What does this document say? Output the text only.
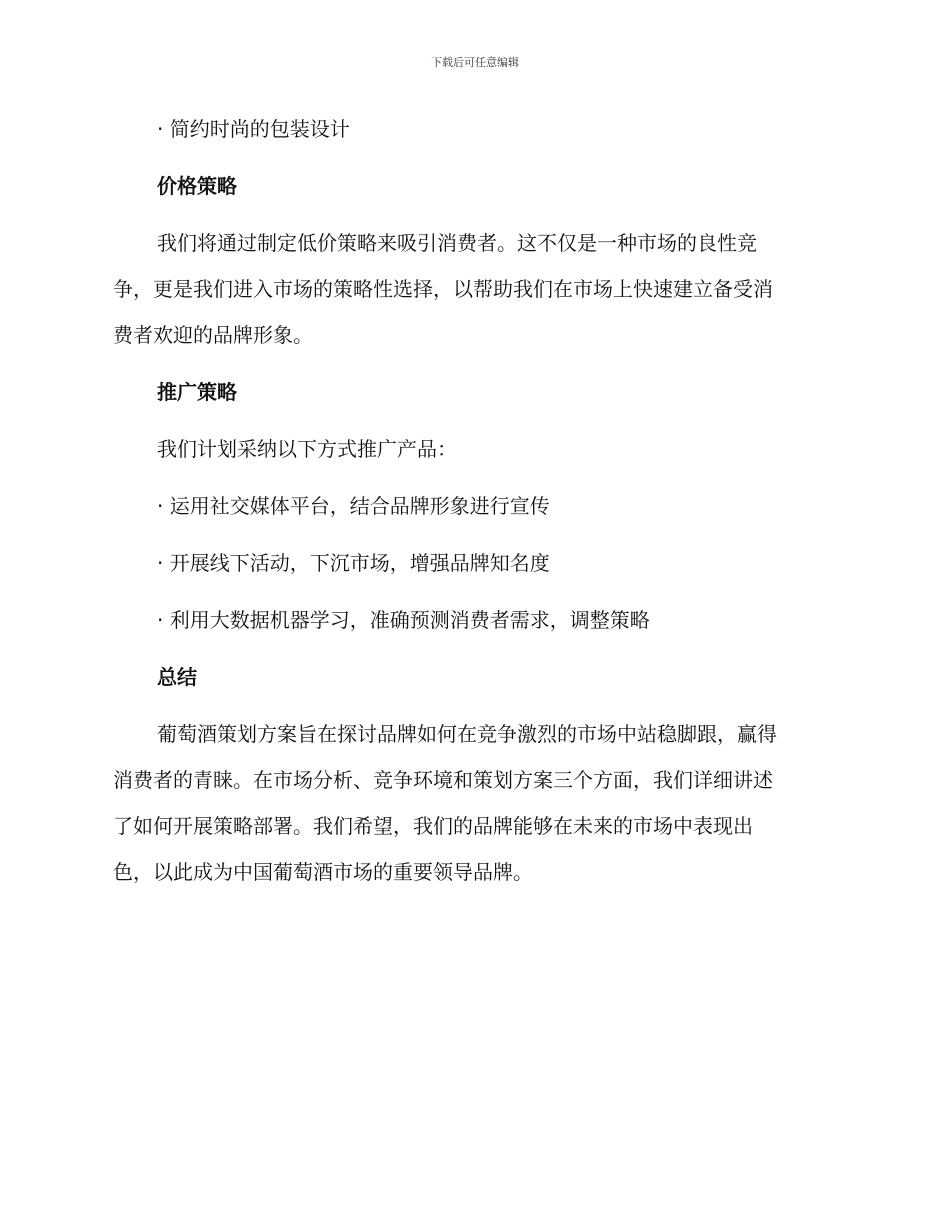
下载后可任意编辑
· 简约时尚的包装设计
价格策略
我们将通过制定低价策略来吸引消费者。这不仅是一种市场的良性竞
争，更是我们进入市场的策略性选择，以帮助我们在市场上快速建立备受消
费者欢迎的品牌形象。
推广策略
我们计划采纳以下方式推广产品：
· 运用社交媒体平台，结合品牌形象进行宣传
· 开展线下活动，下沉市场，增强品牌知名度
· 利用大数据机器学习，准确预测消费者需求，调整策略
总结
葡萄酒策划方案旨在探讨品牌如何在竞争激烈的市场中站稳脚跟，赢得
消费者的青睐。在市场分析、竞争环境和策划方案三个方面，我们详细讲述
了如何开展策略部署。我们希望，我们的品牌能够在未来的市场中表现出
色，以此成为中国葡萄酒市场的重要领导品牌。
